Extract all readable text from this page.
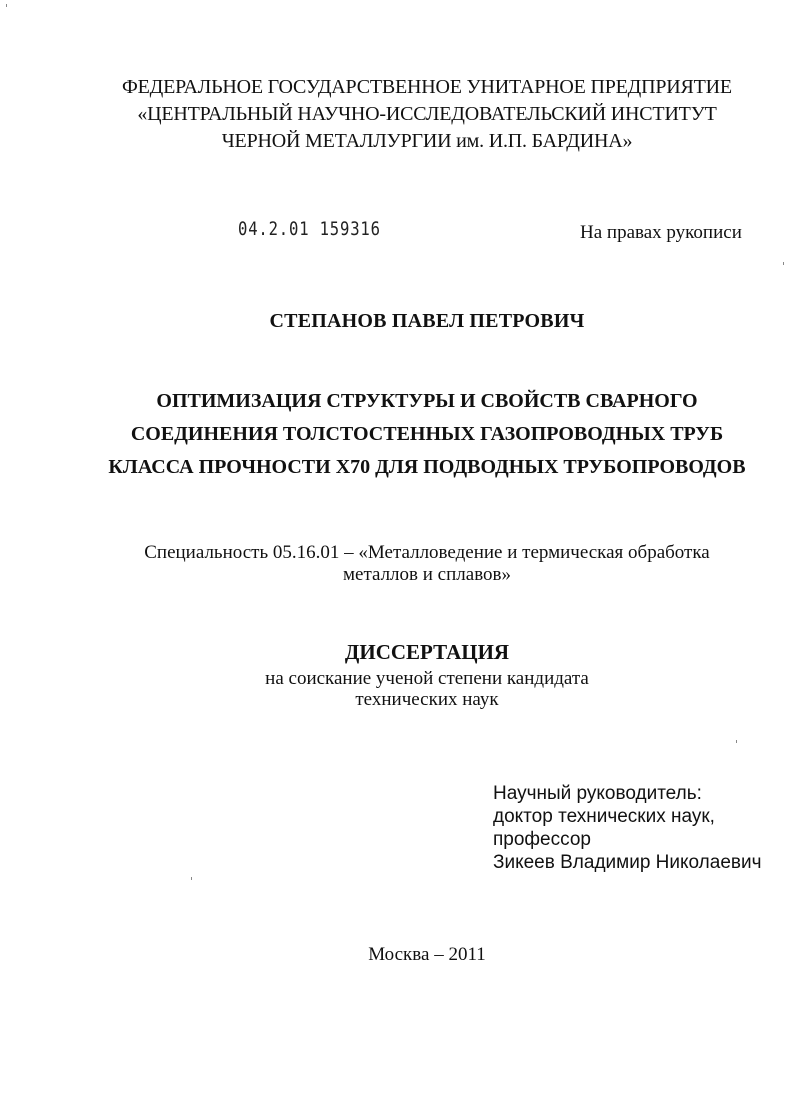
ФЕДЕРАЛЬНОЕ ГОСУДАРСТВЕННОЕ УНИТАРНОЕ ПРЕДПРИЯТИЕ
«ЦЕНТРАЛЬНЫЙ НАУЧНО-ИССЛЕДОВАТЕЛЬСКИЙ ИНСТИТУТ
ЧЕРНОЙ МЕТАЛЛУРГИИ им. И.П. БАРДИНА»
04.2.01 159316	На правах рукописи
СТЕПАНОВ ПАВЕЛ ПЕТРОВИЧ
ОПТИМИЗАЦИЯ СТРУКТУРЫ И СВОЙСТВ СВАРНОГО
СОЕДИНЕНИЯ ТОЛСТОСТЕННЫХ ГАЗОПРОВОДНЫХ ТРУБ
КЛАССА ПРОЧНОСТИ Х70 ДЛЯ ПОДВОДНЫХ ТРУБОПРОВОДОВ
Специальность 05.16.01 – «Металловедение и термическая обработка
металлов и сплавов»
ДИССЕРТАЦИЯ
на соискание ученой степени кандидата
технических наук
Научный руководитель:
доктор технических наук,
профессор
Зикеев Владимир Николаевич
Москва – 2011
